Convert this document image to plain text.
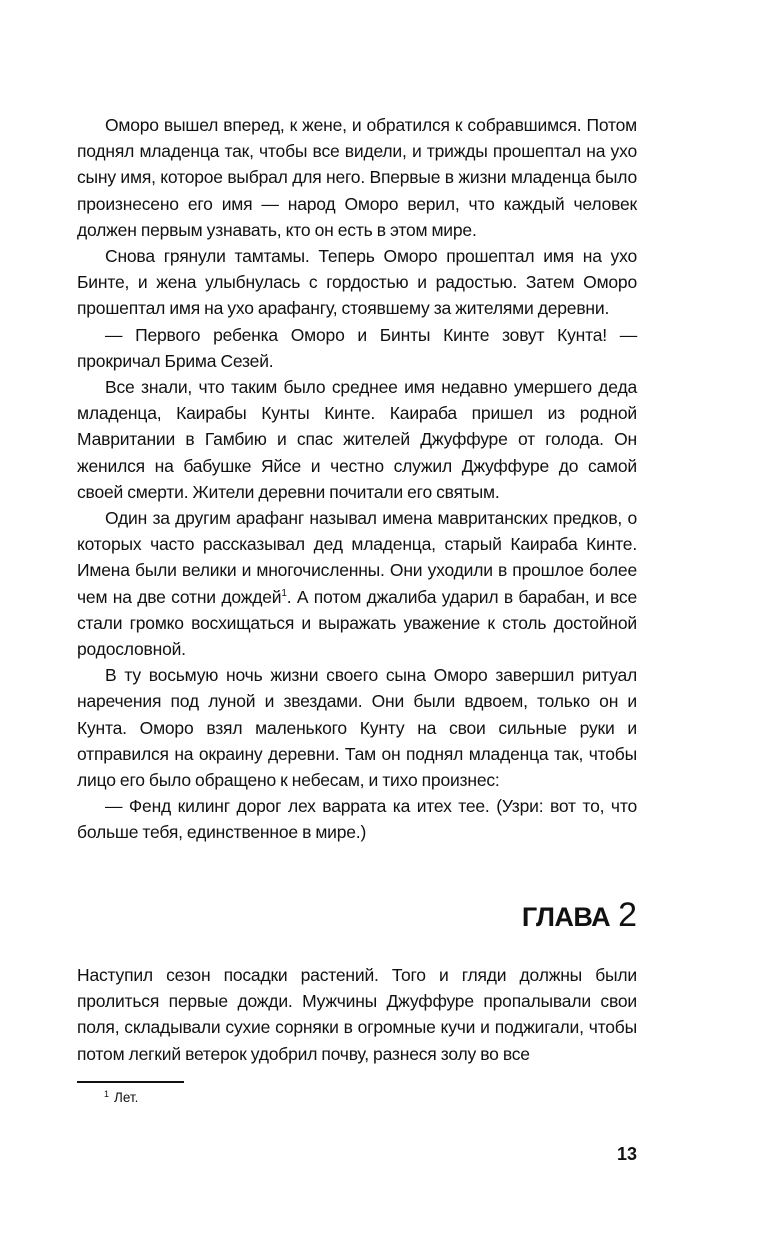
Оморо вышел вперед, к жене, и обратился к собравшимся. Потом поднял младенца так, чтобы все видели, и трижды прошептал на ухо сыну имя, которое выбрал для него. Впервые в жизни младенца было произнесено его имя — народ Оморо верил, что каждый человек должен первым узнавать, кто он есть в этом мире.

Снова грянули тамтамы. Теперь Оморо прошептал имя на ухо Бинте, и жена улыбнулась с гордостью и радостью. Затем Оморо прошептал имя на ухо арафангу, стоявшему за жителями деревни.

— Первого ребенка Оморо и Бинты Кинте зовут Кунта! — прокричал Брима Сезей.

Все знали, что таким было среднее имя недавно умершего деда младенца, Каирабы Кунты Кинте. Каираба пришел из родной Мавритании в Гамбию и спас жителей Джуффуре от голода. Он женился на бабушке Яйсе и честно служил Джуффуре до самой своей смерти. Жители деревни почитали его святым.

Один за другим арафанг называл имена мавританских предков, о которых часто рассказывал дед младенца, старый Каираба Кинте. Имена были велики и многочисленны. Они уходили в прошлое более чем на две сотни дождей$^1$. А потом джалиба ударил в барабан, и все стали громко восхищаться и выражать уважение к столь достойной родословной.

В ту восьмую ночь жизни своего сына Оморо завершил ритуал наречения под луной и звездами. Они были вдвоем, только он и Кунта. Оморо взял маленького Кунту на свои сильные руки и отправился на окраину деревни. Там он поднял младенца так, чтобы лицо его было обращено к небесам, и тихо произнес:

— Фенд килинг дорог лех варрата ка итех тее. (Узри: вот то, что больше тебя, единственное в мире.)

ГЛАВА 2

Наступил сезон посадки растений. Того и гляди должны были пролиться первые дожди. Мужчины Джуффуре пропалывали свои поля, складывали сухие сорняки в огромные кучи и поджигали, чтобы потом легкий ветерок удобрил почву, разнеся золу во все

$^1$ Лет.
13
